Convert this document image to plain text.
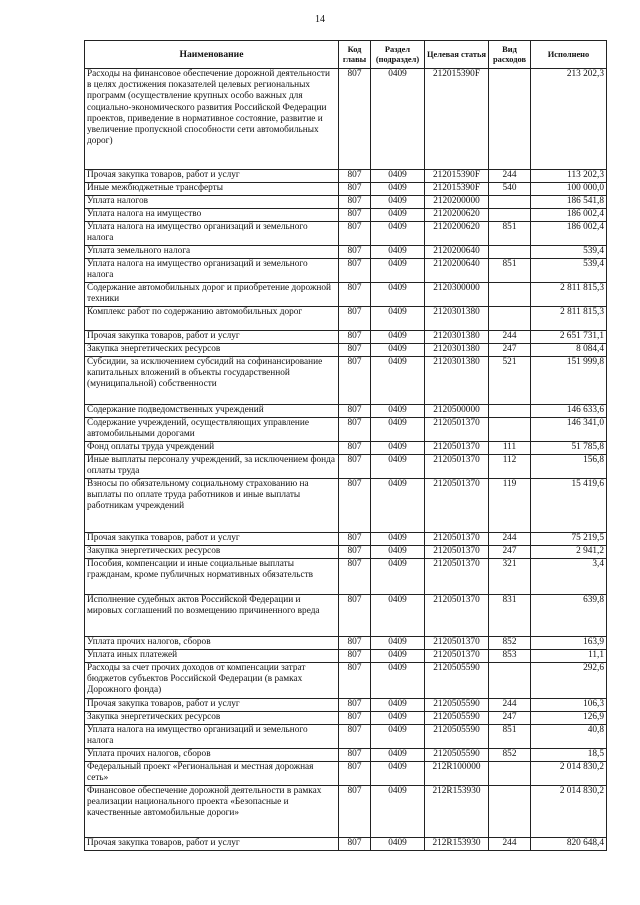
14
Наименование	Код главы	Раздел (подраздел)	Целевая статья	Вид расходов	Исполнено
Расходы на финансовое обеспечение дорожной деятельности в целях достижения показателей целевых региональных программ (осуществление крупных особо важных для социально-экономического развития Российской Федерации проектов, приведение в нормативное состояние, развитие и увеличение пропускной способности сети автомобильных дорог)	807	0409	212015390F		213 202,3
Прочая закупка товаров, работ и услуг	807	0409	212015390F	244	113 202,3
Иные межбюджетные трансферты	807	0409	212015390F	540	100 000,0
Уплата налогов	807	0409	2120200000		186 541,8
Уплата налога на имущество	807	0409	2120200620		186 002,4
Уплата налога на имущество организаций и земельного налога	807	0409	2120200620	851	186 002,4
Уплата земельного налога	807	0409	2120200640		539,4
Уплата налога на имущество организаций и земельного налога	807	0409	2120200640	851	539,4
Содержание автомобильных дорог и приобретение дорожной техники	807	0409	2120300000		2 811 815,3
Комплекс работ по содержанию автомобильных дорог	807	0409	2120301380		2 811 815,3
Прочая закупка товаров, работ и услуг	807	0409	2120301380	244	2 651 731,1
Закупка энергетических ресурсов	807	0409	2120301380	247	8 084,4
Субсидии, за исключением субсидий на софинансирование капитальных вложений в объекты государственной (муниципальной) собственности	807	0409	2120301380	521	151 999,8
Содержание подведомственных учреждений	807	0409	2120500000		146 633,6
Содержание учреждений, осуществляющих управление автомобильными дорогами	807	0409	2120501370		146 341,0
Фонд оплаты труда учреждений	807	0409	2120501370	111	51 785,8
Иные выплаты персоналу учреждений, за исключением фонда оплаты труда	807	0409	2120501370	112	156,8
Взносы по обязательному социальному страхованию на выплаты по оплате труда работников и иные выплаты работникам учреждений	807	0409	2120501370	119	15 419,6
Прочая закупка товаров, работ и услуг	807	0409	2120501370	244	75 219,5
Закупка энергетических ресурсов	807	0409	2120501370	247	2 941,2
Пособия, компенсации и иные социальные выплаты гражданам, кроме публичных нормативных обязательств	807	0409	2120501370	321	3,4
Исполнение судебных актов Российской Федерации и мировых соглашений по возмещению причиненного вреда	807	0409	2120501370	831	639,8
Уплата прочих налогов, сборов	807	0409	2120501370	852	163,9
Уплата иных платежей	807	0409	2120501370	853	11,1
Расходы за счет прочих доходов от компенсации затрат бюджетов субъектов Российской Федерации (в рамках Дорожного фонда)	807	0409	2120505590		292,6
Прочая закупка товаров, работ и услуг	807	0409	2120505590	244	106,3
Закупка энергетических ресурсов	807	0409	2120505590	247	126,9
Уплата налога на имущество организаций и земельного налога	807	0409	2120505590	851	40,8
Уплата прочих налогов, сборов	807	0409	2120505590	852	18,5
Федеральный проект «Региональная и местная дорожная сеть»	807	0409	212R100000		2 014 830,2
Финансовое обеспечение дорожной деятельности в рамках реализации национального проекта «Безопасные и качественные автомобильные дороги»	807	0409	212R153930		2 014 830,2
Прочая закупка товаров, работ и услуг	807	0409	212R153930	244	820 648,4
